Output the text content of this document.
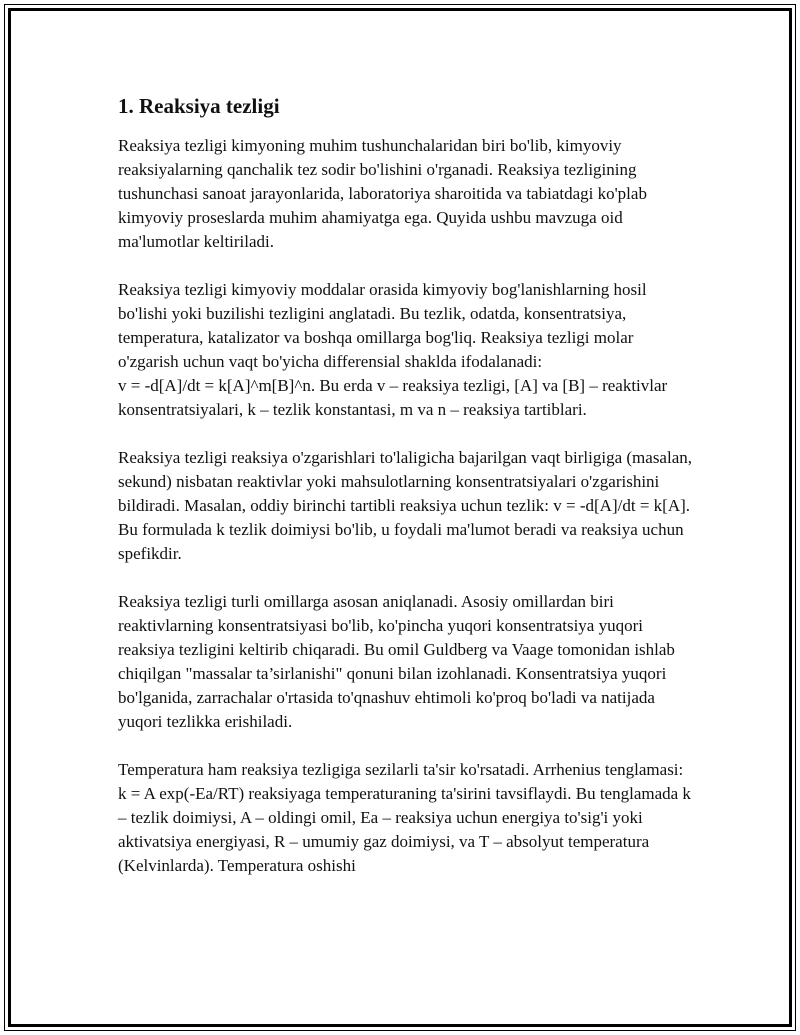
1. Reaksiya tezligi

Reaksiya tezligi kimyoning muhim tushunchalaridan biri bo'lib, kimyoviy reaksiyalarning qanchalik tez sodir bo'lishini o'rganadi. Reaksiya tezligining tushunchasi sanoat jarayonlarida, laboratoriya sharoitida va tabiatdagi ko'plab kimyoviy proseslarda muhim ahamiyatga ega. Quyida ushbu mavzuga oid ma'lumotlar keltiriladi.

Reaksiya tezligi kimyoviy moddalar orasida kimyoviy bog'lanishlarning hosil bo'lishi yoki buzilishi tezligini anglatadi. Bu tezlik, odatda, konsentratsiya, temperatura, katalizator va boshqa omillarga bog'liq. Reaksiya tezligi molar o'zgarish uchun vaqt bo'yicha differensial shaklda ifodalanadi:
v = -d[A]/dt = k[A]^m[B]^n. Bu erda v – reaksiya tezligi, [A] va [B] – reaktivlar konsentratsiyalari, k – tezlik konstantasi, m va n – reaksiya tartiblari.

Reaksiya tezligi reaksiya o'zgarishlari to'laligicha bajarilgan vaqt birligiga (masalan, sekund) nisbatan reaktivlar yoki mahsulotlarning konsentratsiyalari o'zgarishini bildiradi. Masalan, oddiy birinchi tartibli reaksiya uchun tezlik: v = -d[A]/dt = k[A]. Bu formulada k tezlik doimiysi bo'lib, u foydali ma'lumot beradi va reaksiya uchun spefikdir.

Reaksiya tezligi turli omillarga asosan aniqlanadi. Asosiy omillardan biri reaktivlarning konsentratsiyasi bo'lib, ko'pincha yuqori konsentratsiya yuqori reaksiya tezligini keltirib chiqaradi. Bu omil Guldberg va Vaage tomonidan ishlab chiqilgan "massalar ta’sirlanishi" qonuni bilan izohlanadi. Konsentratsiya yuqori bo'lganida, zarrachalar o'rtasida to'qnashuv ehtimoli ko'proq bo'ladi va natijada yuqori tezlikka erishiladi.

Temperatura ham reaksiya tezligiga sezilarli ta'sir ko'rsatadi. Arrhenius tenglamasi: k = A exp(-Ea/RT) reaksiyaga temperaturaning ta'sirini tavsiflaydi. Bu tenglamada k – tezlik doimiysi, A – oldingi omil, Ea – reaksiya uchun energiya to'sig'i yoki aktivatsiya energiyasi, R – umumiy gaz doimiysi, va T – absolyut temperatura (Kelvinlarda). Temperatura oshishi
